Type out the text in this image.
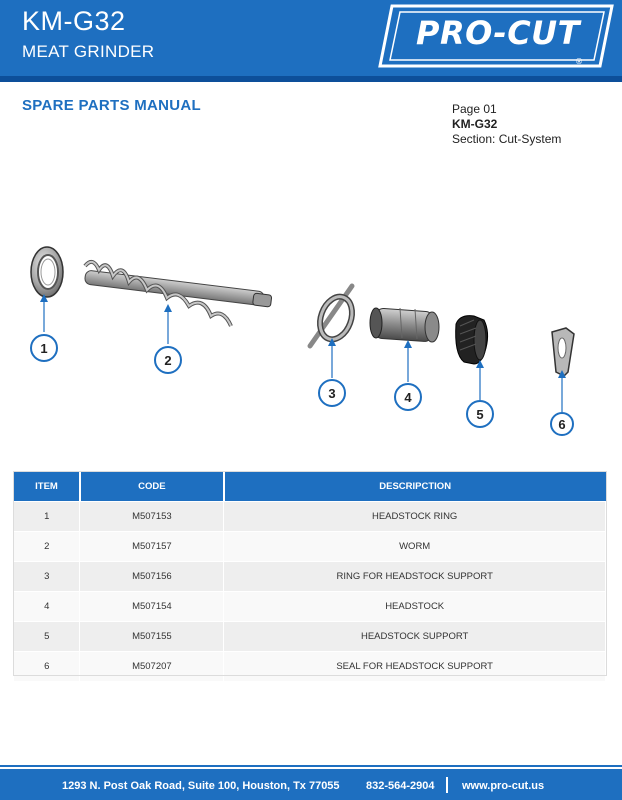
KM-G32
MEAT GRINDER
®
PRO-CUT
SPARE PARTS MANUAL	Page 01
KM-G32
Section: Cut-System
1
2
3	4
5
6
ITEM	CODE	DESCRIPCTION
1	M507153	HEADSTOCK RING
2	M507157	WORM
3	M507156	RING FOR HEADSTOCK SUPPORT
4	M507154	HEADSTOCK
5	M507155	HEADSTOCK SUPPORT
6	M507207	SEAL FOR HEADSTOCK SUPPORT
1293 N. Post Oak Road, Suite 100, Houston, Tx 77055 832-564-2904 www.pro-cut.us
